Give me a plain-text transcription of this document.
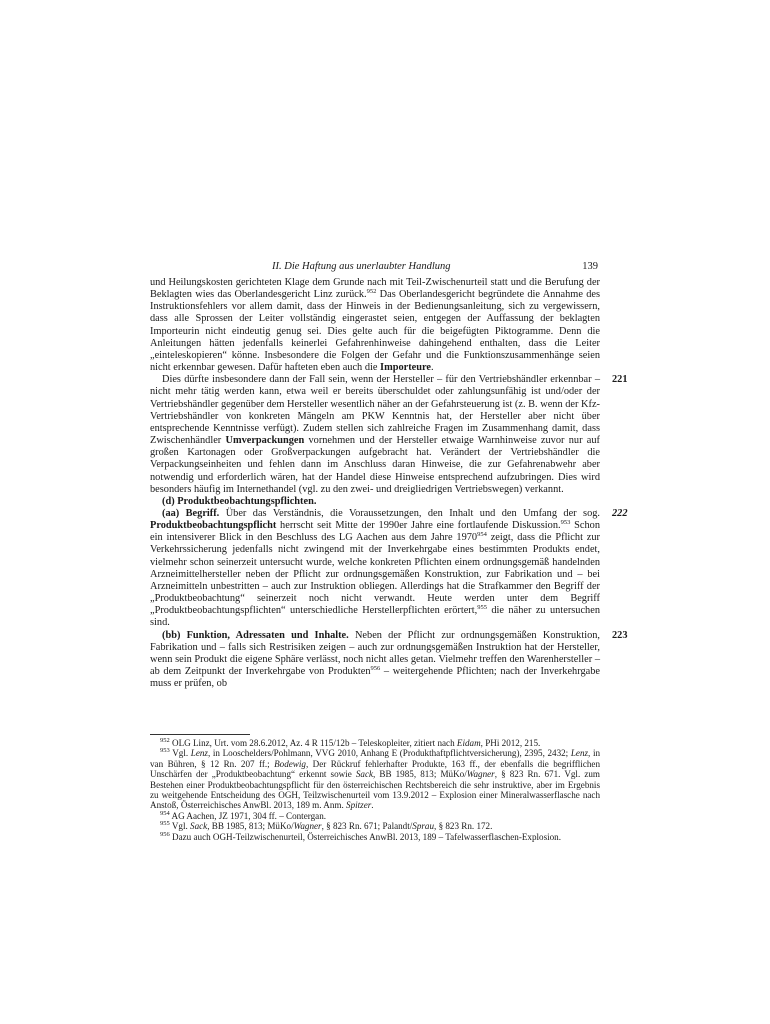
II. Die Haftung aus unerlaubter Handlung	139

und Heilungskosten gerichteten Klage dem Grunde nach mit Teil-Zwischenurteil statt und die Berufung der Beklagten wies das Oberlandesgericht Linz zurück.$^{952}$ Das Oberlandesgericht begründete die Annahme des Instruktionsfehlers vor allem damit, dass der Hinweis in der Bedienungsanleitung, sich zu vergewissern, dass alle Sprossen der Leiter vollständig eingerastet seien, entgegen der Auffassung der beklagten Importeurin nicht eindeutig genug sei. Dies gelte auch für die beigefügten Piktogramme. Denn die Anleitungen hätten jedenfalls keinerlei Gefahrenhinweise dahingehend enthalten, dass die Leiter „einteleskopieren“ könne. Insbesondere die Folgen der Gefahr und die Funktionszusammenhänge seien nicht erkennbar gewesen. Dafür hafteten eben auch die Importeure.

221

Dies dürfte insbesondere dann der Fall sein, wenn der Hersteller – für den Vertriebshändler erkennbar – nicht mehr tätig werden kann, etwa weil er bereits überschuldet oder zahlungsunfähig ist und/oder der Vertriebshändler gegenüber dem Hersteller wesentlich näher an der Gefahrsteuerung ist (z. B. wenn der Kfz-Vertriebshändler von konkreten Mängeln am PKW Kenntnis hat, der Hersteller aber nicht über entsprechende Kenntnisse verfügt). Zudem stellen sich zahlreiche Fragen im Zusammenhang damit, dass Zwischenhändler Umverpackungen vornehmen und der Hersteller etwaige Warnhinweise zuvor nur auf großen Kartonagen oder Großverpackungen aufgebracht hat. Verändert der Vertriebshändler die Verpackungseinheiten und fehlen dann im Anschluss daran Hinweise, die zur Gefahrenabwehr aber notwendig und erforderlich wären, hat der Handel diese Hinweise entsprechend aufzubringen. Dies wird besonders häufig im Internethandel (vgl. zu den zwei- und dreigliedrigen Vertriebswegen) verkannt.

(d) Produktbeobachtungspflichten.

222

(aa) Begriff. Über das Verständnis, die Voraussetzungen, den Inhalt und den Umfang der sog. Produktbeobachtungspflicht herrscht seit Mitte der 1990er Jahre eine fortlaufende Diskussion.$^{953}$ Schon ein intensiverer Blick in den Beschluss des LG Aachen aus dem Jahre 1970$^{954}$ zeigt, dass die Pflicht zur Verkehrssicherung jedenfalls nicht zwingend mit der Inverkehrgabe eines bestimmten Produkts endet, vielmehr schon seinerzeit untersucht wurde, welche konkreten Pflichten einem ordnungsgemäß handelnden Arzneimittelhersteller neben der Pflicht zur ordnungsgemäßen Konstruktion, zur Fabrikation und – bei Arzneimitteln unbestritten – auch zur Instruktion obliegen. Allerdings hat die Strafkammer den Begriff der „Produktbeobachtung“ seinerzeit noch nicht verwandt. Heute werden unter dem Begriff „Produktbeobachtungspflichten“ unterschiedliche Herstellerpflichten erörtert,$^{955}$ die näher zu untersuchen sind.

223

(bb) Funktion, Adressaten und Inhalte. Neben der Pflicht zur ordnungsgemäßen Konstruktion, Fabrikation und – falls sich Restrisiken zeigen – auch zur ordnungsgemäßen Instruktion hat der Hersteller, wenn sein Produkt die eigene Sphäre verlässt, noch nicht alles getan. Vielmehr treffen den Warenhersteller – ab dem Zeitpunkt der Inverkehrgabe von Produkten$^{956}$ – weitergehende Pflichten; nach der Inverkehrgabe muss er prüfen, ob

$^{952}$ OLG Linz, Urt. vom 28.6.2012, Az. 4 R 115/12b – Teleskopleiter, zitiert nach Eidam, PHi 2012, 215.

$^{953}$ Vgl. Lenz, in Looschelders/Pohlmann, VVG 2010, Anhang E (Produkthaftpflichtversicherung), 2395, 2432; Lenz, in van Bühren, § 12 Rn. 207 ff.; Bodewig, Der Rückruf fehlerhafter Produkte, 163 ff., der ebenfalls die begrifflichen Unschärfen der „Produktbeobachtung“ erkennt sowie Sack, BB 1985, 813; MüKo/Wagner, § 823 Rn. 671. Vgl. zum Bestehen einer Produktbeobachtungspflicht für den österreichischen Rechtsbereich die sehr instruktive, aber im Ergebnis zu weitgehende Entscheidung des OGH, Teilzwischenurteil vom 13.9.2012 – Explosion einer Mineralwasserflasche nach Anstoß, Österreichisches AnwBl. 2013, 189 m. Anm. Spitzer.

$^{954}$ AG Aachen, JZ 1971, 304 ff. – Contergan.

$^{955}$ Vgl. Sack, BB 1985, 813; MüKo/Wagner, § 823 Rn. 671; Palandt/Sprau, § 823 Rn. 172.

$^{956}$ Dazu auch OGH-Teilzwischenurteil, Österreichisches AnwBl. 2013, 189 – Tafelwasserflaschen-Explosion.
